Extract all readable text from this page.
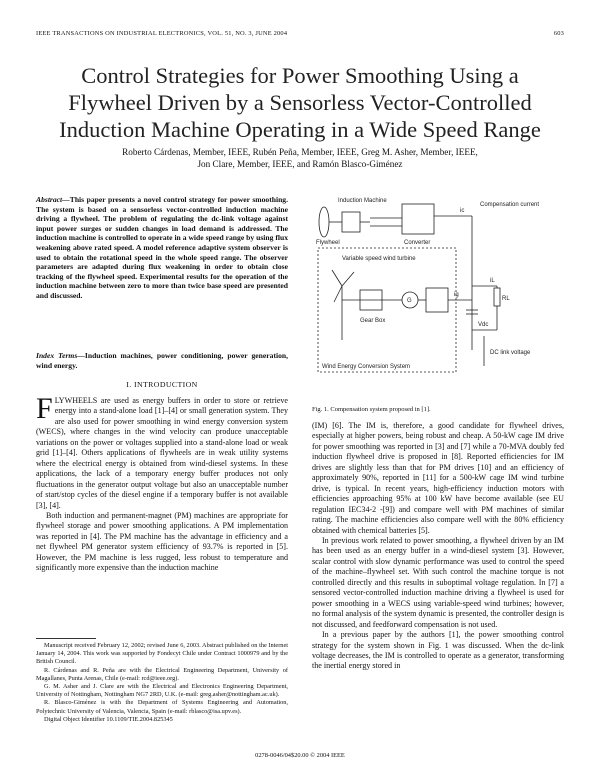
IEEE TRANSACTIONS ON INDUSTRIAL ELECTRONICS, VOL. 51, NO. 3, JUNE 2004	603
Control Strategies for Power Smoothing Using a
Flywheel Driven by a Sensorless Vector-Controlled
Induction Machine Operating in a Wide Speed Range
Roberto Cárdenas, Member, IEEE, Rubén Peña, Member, IEEE, Greg M. Asher, Member, IEEE,
Jon Clare, Member, IEEE, and Ramón Blasco-Giménez
Abstract—This paper presents a novel control strategy for power smoothing. The system is based on a sensorless vector-controlled induction machine driving a flywheel. The problem of regulating the dc-link voltage against input power surges or sudden changes in load demand is addressed. The induction machine is controlled to operate in a wide speed range by using flux weakening above rated speed. A model reference adaptive system observer is used to obtain the rotational speed in the whole speed range. The observer parameters are adapted during flux weakening in order to obtain close tracking of the flywheel speed. Experimental results for the operation of the induction machine between zero to more than twice base speed are presented and discussed.
Index Terms—Induction machines, power conditioning, power generation, wind energy.
I. INTRODUCTION

FLYWHEELS are used as energy buffers in order to store or retrieve energy into a stand-alone load [1]–[4] or small generation system. They are also used for power smoothing in wind energy conversion system (WECS), where changes in the wind velocity can produce unacceptable variations on the power or voltages supplied into a stand-alone load or weak grid [1]–[4]. Others applications of flywheels are in weak utility systems where the electrical energy is obtained from wind-diesel systems. In these applications, the lack of a temporary energy buffer produces not only fluctuations in the generator output voltage but also an unacceptable number of start/stop cycles of the diesel engine if a temporary buffer is not available [3], [4].

Both induction and permanent-magnet (PM) machines are appropriate for flywheel storage and power smoothing applications. A PM implementation was reported in [4]. The PM machine has the advantage in efficiency and a net flywheel PM generator system efficiency of 93.7% is reported in [5]. However, the PM machine is less rugged, less robust to temperature and significantly more expensive than the induction machine

Manuscript received February 12, 2002; revised June 6, 2003. Abstract published on the Internet January 14, 2004. This work was supported by Fondecyt Chile under Contract 1000979 and by the British Council.

R. Cárdenas and R. Peña are with the Electrical Engineering Department, University of Magallanes, Punta Arenas, Chile (e-mail: rcd@ieee.org).

G. M. Asher and J. Clare are with the Electrical and Electronics Engineering Department, University of Nottingham, Nottingham NG7 2RD, U.K. (e-mail: greg.asher@nottingham.ac.uk).

R. Blasco-Giménez is with the Department of Systems Engineering and Automation, Polytechnic University of Valencia, Valencia, Spain (e-mail: rblasco@isa.upv.es).

Digital Object Identifier 10.1109/TIE.2004.825345

Induction Machine
Flywheel	Converter
Compensation current
ic
Variable speed wind turbine
G
Gear Box
Wind Energy Conversion System
ig
iL
RL
Vdc
DC link voltage
Fig. 1. Compensation system proposed in [1].

(IM) [6]. The IM is, therefore, a good candidate for flywheel drives, especially at higher powers, being robust and cheap. A 50-kW cage IM drive for power smoothing was reported in [3] and [7] while a 70-MVA doubly fed induction flywheel drive is proposed in [8]. Reported efficiencies for IM drives are slightly less than that for PM drives [10] and an efficiency of approximately 90%, reported in [11] for a 500-kW cage IM wind turbine drive, is typical. In recent years, high-efficiency induction motors with efficiencies approaching 95% at 100 kW have become available (see EU regulation IEC34-2 -[9]) and compare well with PM machines of similar rating. The machine efficiencies also compare well with the 80% efficiency obtained with chemical batteries [5].

In previous work related to power smoothing, a flywheel driven by an IM has been used as an energy buffer in a wind-diesel system [3]. However, scalar control with slow dynamic performance was used to control the speed of the machine–flywheel set. With such control the machine torque is not controlled directly and this results in suboptimal voltage regulation. In [7] a sensored vector-controlled induction machine driving a flywheel is used for power smoothing in a WECS using variable-speed wind turbines; however, no formal analysis of the system dynamic is presented, the controller design is not discussed, and feedforward compensation is not used.

In a previous paper by the authors [1], the power smoothing control strategy for the system shown in Fig. 1 was discussed. When the dc-link voltage decreases, the IM is controlled to operate as a generator, transforming the inertial energy stored in

0278-0046/04$20.00 © 2004 IEEE
